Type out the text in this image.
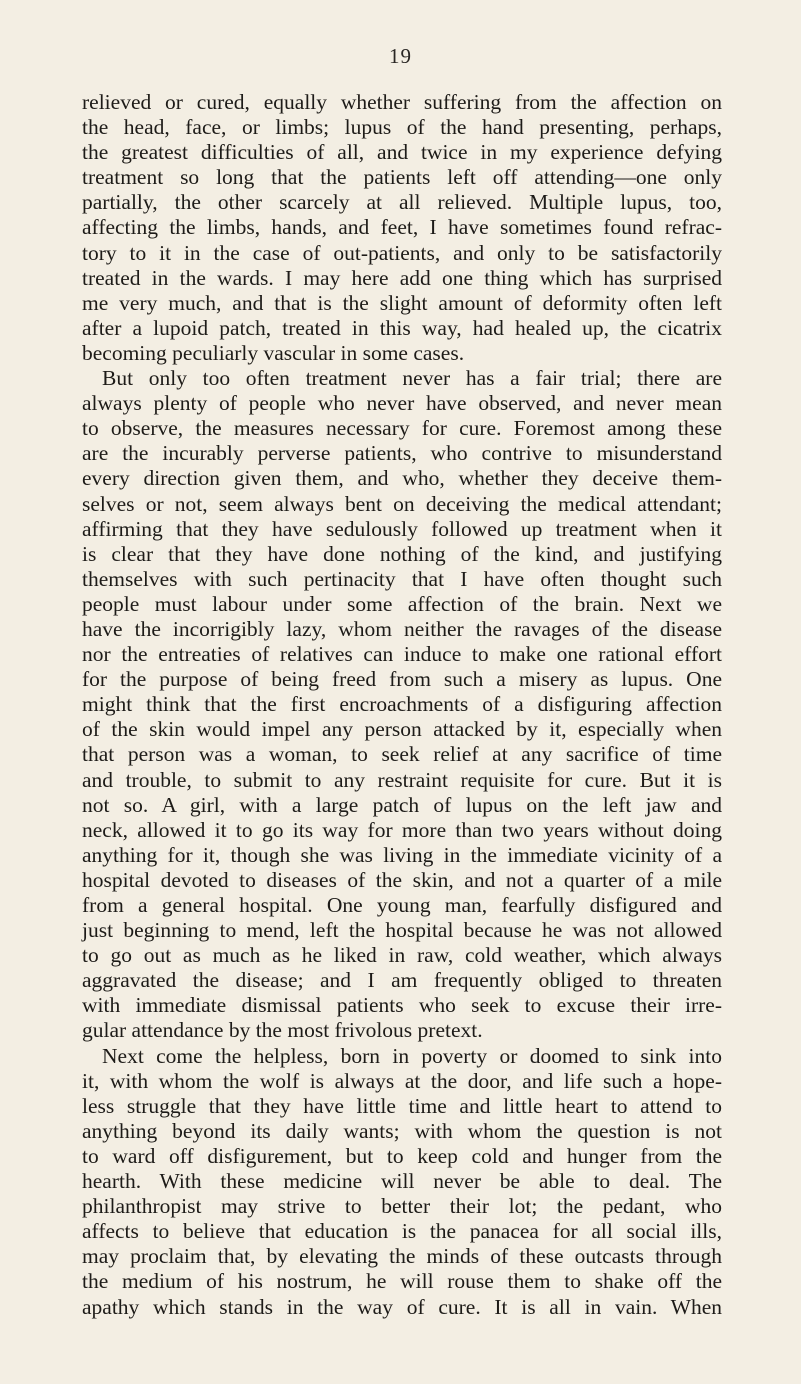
19
relieved or cured, equally whether suffering from the affection on
the head, face, or limbs; lupus of the hand presenting, perhaps,
the greatest difficulties of all, and twice in my experience defying
treatment so long that the patients left off attending—one only
partially, the other scarcely at all relieved. Multiple lupus, too,
affecting the limbs, hands, and feet, I have sometimes found refrac-
tory to it in the case of out-patients, and only to be satisfactorily
treated in the wards. I may here add one thing which has surprised
me very much, and that is the slight amount of deformity often left
after a lupoid patch, treated in this way, had healed up, the cicatrix
becoming peculiarly vascular in some cases.
But only too often treatment never has a fair trial; there are
always plenty of people who never have observed, and never mean
to observe, the measures necessary for cure. Foremost among these
are the incurably perverse patients, who contrive to misunderstand
every direction given them, and who, whether they deceive them-
selves or not, seem always bent on deceiving the medical attendant;
affirming that they have sedulously followed up treatment when it
is clear that they have done nothing of the kind, and justifying
themselves with such pertinacity that I have often thought such
people must labour under some affection of the brain. Next we
have the incorrigibly lazy, whom neither the ravages of the disease
nor the entreaties of relatives can induce to make one rational effort
for the purpose of being freed from such a misery as lupus. One
might think that the first encroachments of a disfiguring affection
of the skin would impel any person attacked by it, especially when
that person was a woman, to seek relief at any sacrifice of time
and trouble, to submit to any restraint requisite for cure. But it is
not so. A girl, with a large patch of lupus on the left jaw and
neck, allowed it to go its way for more than two years without doing
anything for it, though she was living in the immediate vicinity of a
hospital devoted to diseases of the skin, and not a quarter of a mile
from a general hospital. One young man, fearfully disfigured and
just beginning to mend, left the hospital because he was not allowed
to go out as much as he liked in raw, cold weather, which always
aggravated the disease; and I am frequently obliged to threaten
with immediate dismissal patients who seek to excuse their irre-
gular attendance by the most frivolous pretext.
Next come the helpless, born in poverty or doomed to sink into
it, with whom the wolf is always at the door, and life such a hope-
less struggle that they have little time and little heart to attend to
anything beyond its daily wants; with whom the question is not
to ward off disfigurement, but to keep cold and hunger from the
hearth. With these medicine will never be able to deal. The
philanthropist may strive to better their lot; the pedant, who
affects to believe that education is the panacea for all social ills,
may proclaim that, by elevating the minds of these outcasts through
the medium of his nostrum, he will rouse them to shake off the
apathy which stands in the way of cure. It is all in vain. When
